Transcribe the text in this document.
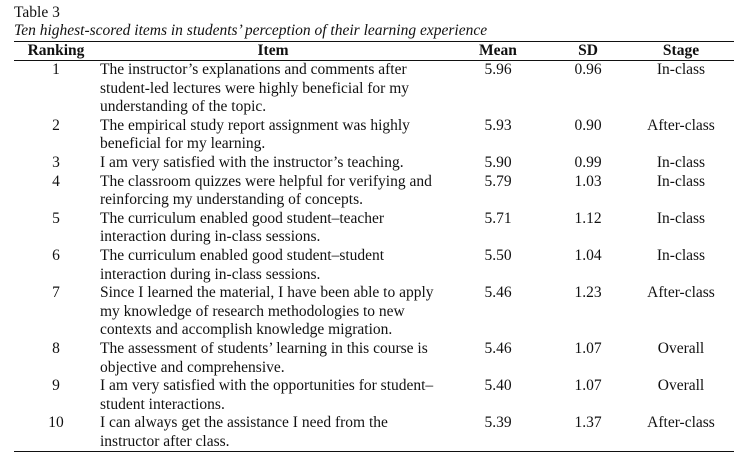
Table 3
Ten highest-scored items in students’ perception of their learning experience
Ranking	Item	Mean	SD	Stage
1	The instructor’s explanations and comments after student-led lectures were highly beneficial for my understanding of the topic.	5.96	0.96	In-class
2	The empirical study report assignment was highly beneficial for my learning.	5.93	0.90	After-class
3	I am very satisfied with the instructor’s teaching.	5.90	0.99	In-class
4	The classroom quizzes were helpful for verifying and reinforcing my understanding of concepts.	5.79	1.03	In-class
5	The curriculum enabled good student–teacher interaction during in-class sessions.	5.71	1.12	In-class
6	The curriculum enabled good student–student interaction during in-class sessions.	5.50	1.04	In-class
7	Since I learned the material, I have been able to apply my knowledge of research methodologies to new contexts and accomplish knowledge migration.	5.46	1.23	After-class
8	The assessment of students’ learning in this course is objective and comprehensive.	5.46	1.07	Overall
9	I am very satisfied with the opportunities for student–student interactions.	5.40	1.07	Overall
10	I can always get the assistance I need from the instructor after class.	5.39	1.37	After-class
